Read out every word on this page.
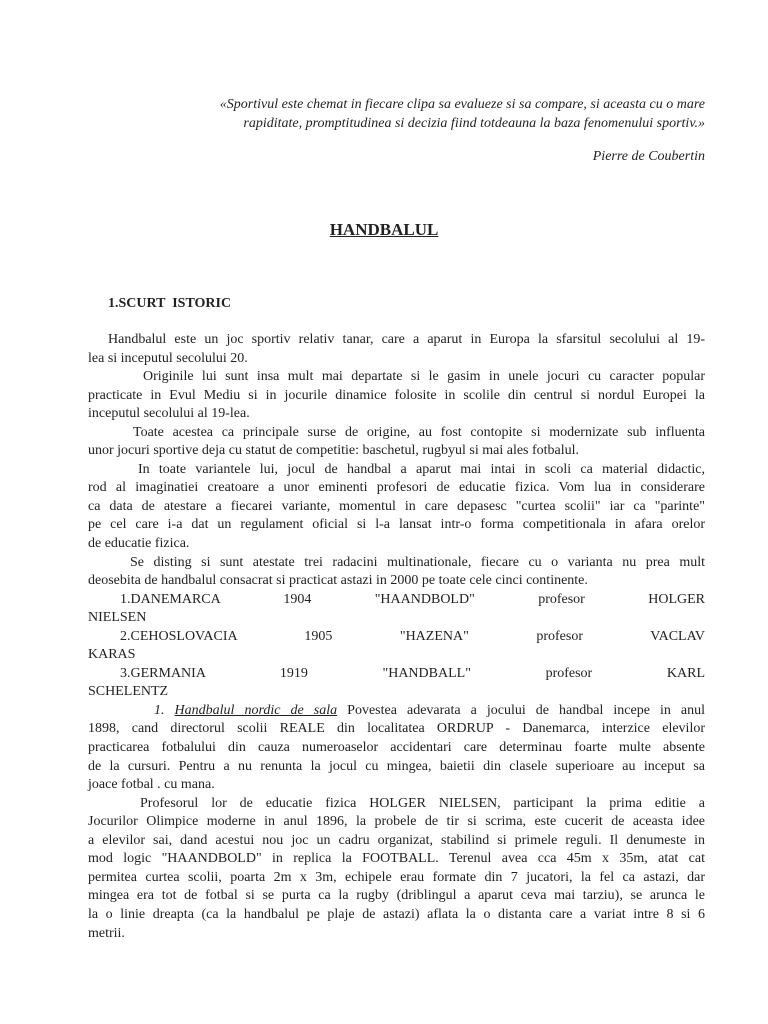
«Sportivul este chemat in fiecare clipa sa evalueze si sa compare, si aceasta cu o mare
rapiditate, promptitudinea si decizia fiind totdeauna la baza fenomenului sportiv.»
Pierre de Coubertin
HANDBALUL
1.SCURT  ISTORIC
Handbalul este un joc sportiv relativ tanar, care a aparut in Europa la sfarsitul secolului al 19-
lea si inceputul secolului 20.
Originile lui sunt insa mult mai departate si le gasim in unele jocuri cu caracter popular
practicate in Evul Mediu si in jocurile dinamice folosite in scolile din centrul si nordul Europei la
inceputul secolului al 19-lea.
Toate acestea ca principale surse de origine, au fost contopite si modernizate sub influenta
unor jocuri sportive deja cu statut de competitie: baschetul, rugbyul si mai ales fotbalul.
In toate variantele lui, jocul de handbal a aparut mai intai in scoli ca material didactic,
rod al imaginatiei creatoare a unor eminenti profesori de educatie fizica. Vom lua in considerare
ca data de atestare a fiecarei variante, momentul in care depasesc "curtea scolii" iar ca "parinte"
pe cel care i-a dat un regulament oficial si l-a lansat intr-o forma competitionala in afara orelor
de educatie fizica.
Se disting si sunt atestate trei radacini multinationale, fiecare cu o varianta nu prea mult
deosebita de handbalul consacrat si practicat astazi in 2000 pe toate cele cinci continente.
1.DANEMARCA 1904 "HAANDBOLD" profesor HOLGER
NIELSEN
2.CEHOSLOVACIA 1905 "HAZENA" profesor VACLAV
KARAS
3.GERMANIA 1919 "HANDBALL" profesor KARL
SCHELENTZ
1. Handbalul nordic de sala Povestea adevarata a jocului de handbal incepe in anul
1898, cand directorul scolii REALE din localitatea ORDRUP - Danemarca, interzice elevilor
practicarea fotbalului din cauza numeroaselor accidentari care determinau foarte multe absente
de la cursuri. Pentru a nu renunta la jocul cu mingea, baietii din clasele superioare au inceput sa
joace fotbal . cu mana.
Profesorul lor de educatie fizica HOLGER NIELSEN, participant la prima editie a
Jocurilor Olimpice moderne in anul 1896, la probele de tir si scrima, este cucerit de aceasta idee
a elevilor sai, dand acestui nou joc un cadru organizat, stabilind si primele reguli. Il denumeste in
mod logic "HAANDBOLD" in replica la FOOTBALL. Terenul avea cca 45m x 35m, atat cat
permitea curtea scolii, poarta 2m x 3m, echipele erau formate din 7 jucatori, la fel ca astazi, dar
mingea era tot de fotbal si se purta ca la rugby (driblingul a aparut ceva mai tarziu), se arunca le
la o linie dreapta (ca la handbalul pe plaje de astazi) aflata la o distanta care a variat intre 8 si 6
metrii.
